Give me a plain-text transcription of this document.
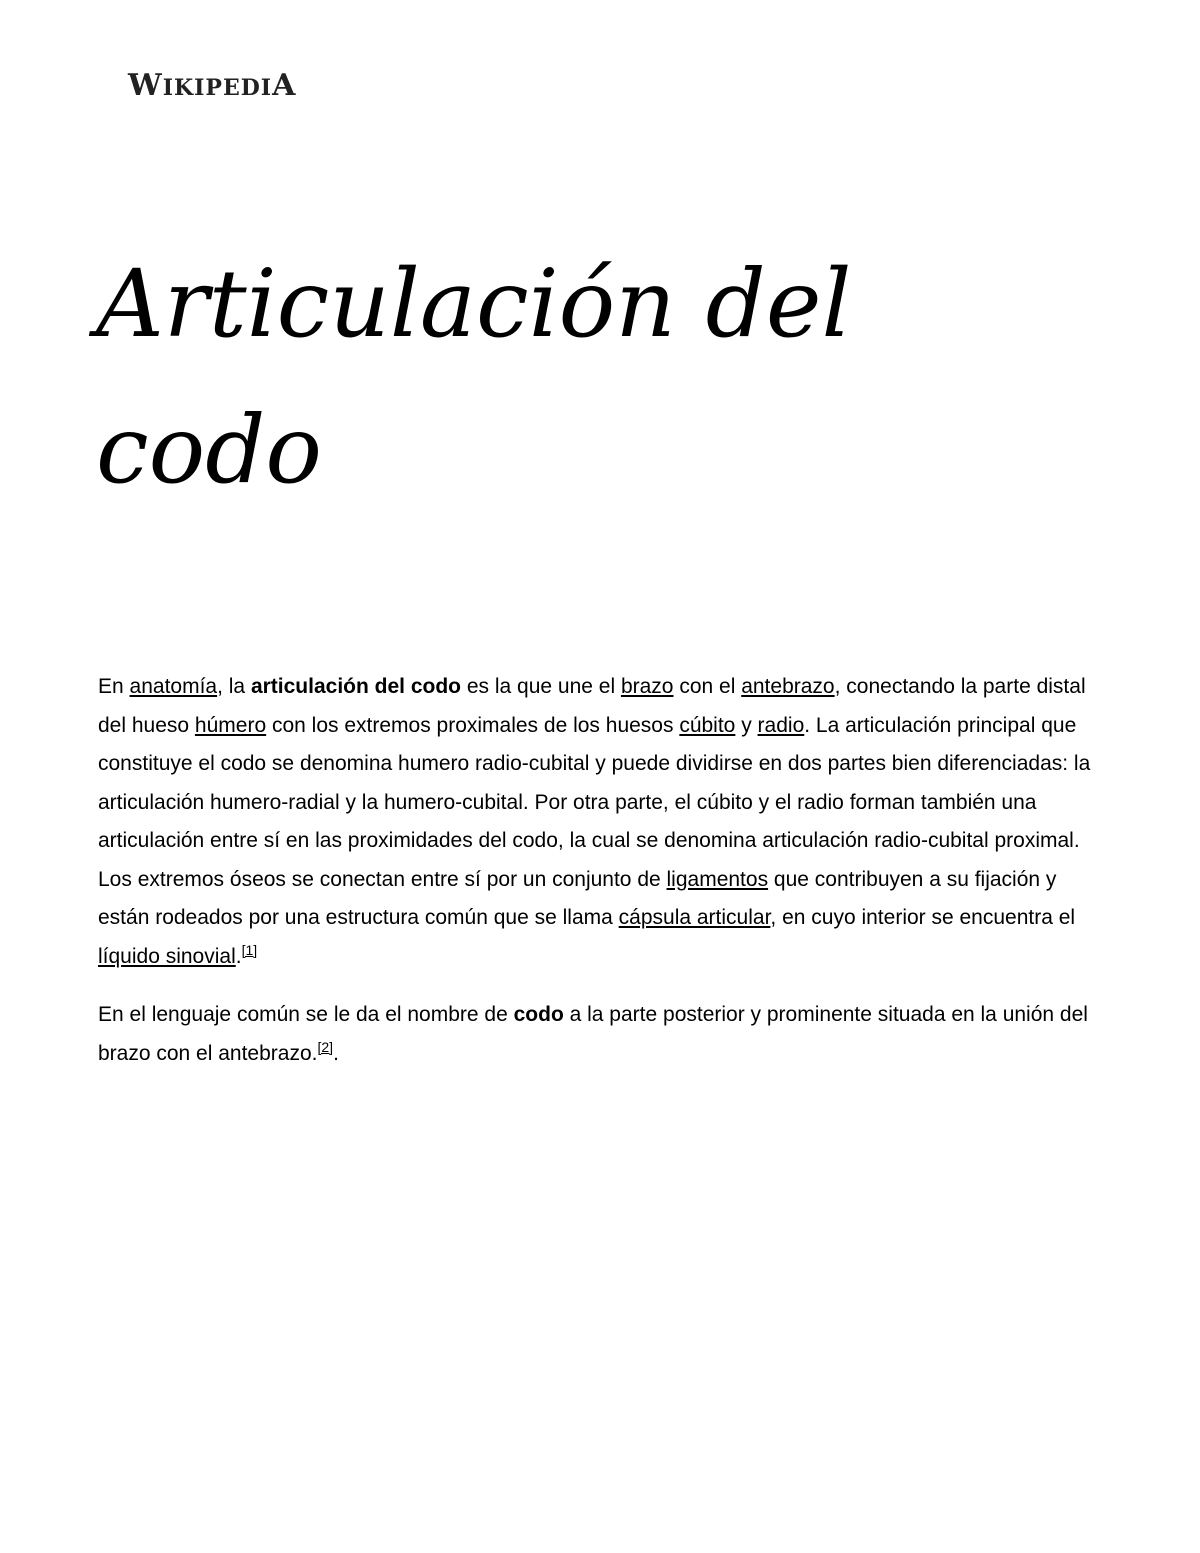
WIKIPEDIA
Articulación del codo

En anatomía, la articulación del codo es la que une el brazo con el antebrazo, conectando la parte distal del hueso húmero con los extremos proximales de los huesos cúbito y radio. La articulación principal que constituye el codo se denomina humero radio-cubital y puede dividirse en dos partes bien diferenciadas: la articulación humero-radial y la humero-cubital. Por otra parte, el cúbito y el radio forman también una articulación entre sí en las proximidades del codo, la cual se denomina articulación radio-cubital proximal. Los extremos óseos se conectan entre sí por un conjunto de ligamentos que contribuyen a su fijación y están rodeados por una estructura común que se llama cápsula articular, en cuyo interior se encuentra el líquido sinovial.[1]

En el lenguaje común se le da el nombre de codo a la parte posterior y prominente situada en la unión del brazo con el antebrazo.[2].
